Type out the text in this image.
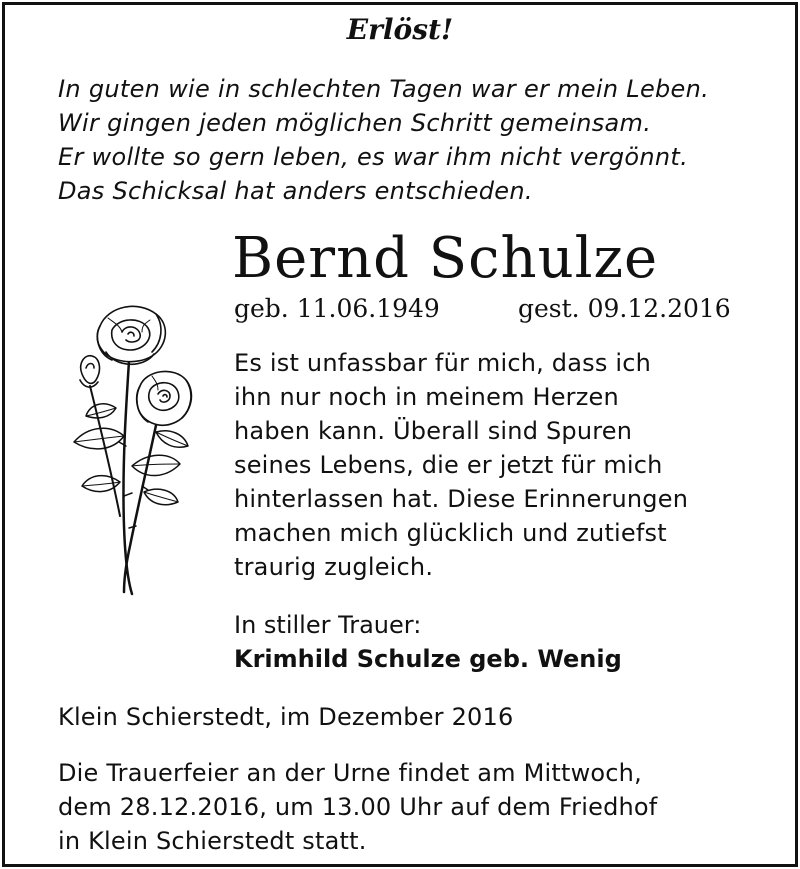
Erlöst!
In guten wie in schlechten Tagen war er mein Leben.
Wir gingen jeden möglichen Schritt gemeinsam.
Er wollte so gern leben, es war ihm nicht vergönnt.
Das Schicksal hat anders entschieden.
Bernd Schulze
geb. 11.06.1949	gest. 09.12.2016
Es ist unfassbar für mich, dass ich
ihn nur noch in meinem Herzen
haben kann. Überall sind Spuren
seines Lebens, die er jetzt für mich
hinterlassen hat. Diese Erinnerungen
machen mich glücklich und zutiefst
traurig zugleich.
In stiller Trauer:
Krimhild Schulze geb. Wenig
Klein Schierstedt, im Dezember 2016
Die Trauerfeier an der Urne findet am Mittwoch,
dem 28.12.2016, um 13.00 Uhr auf dem Friedhof
in Klein Schierstedt statt.
